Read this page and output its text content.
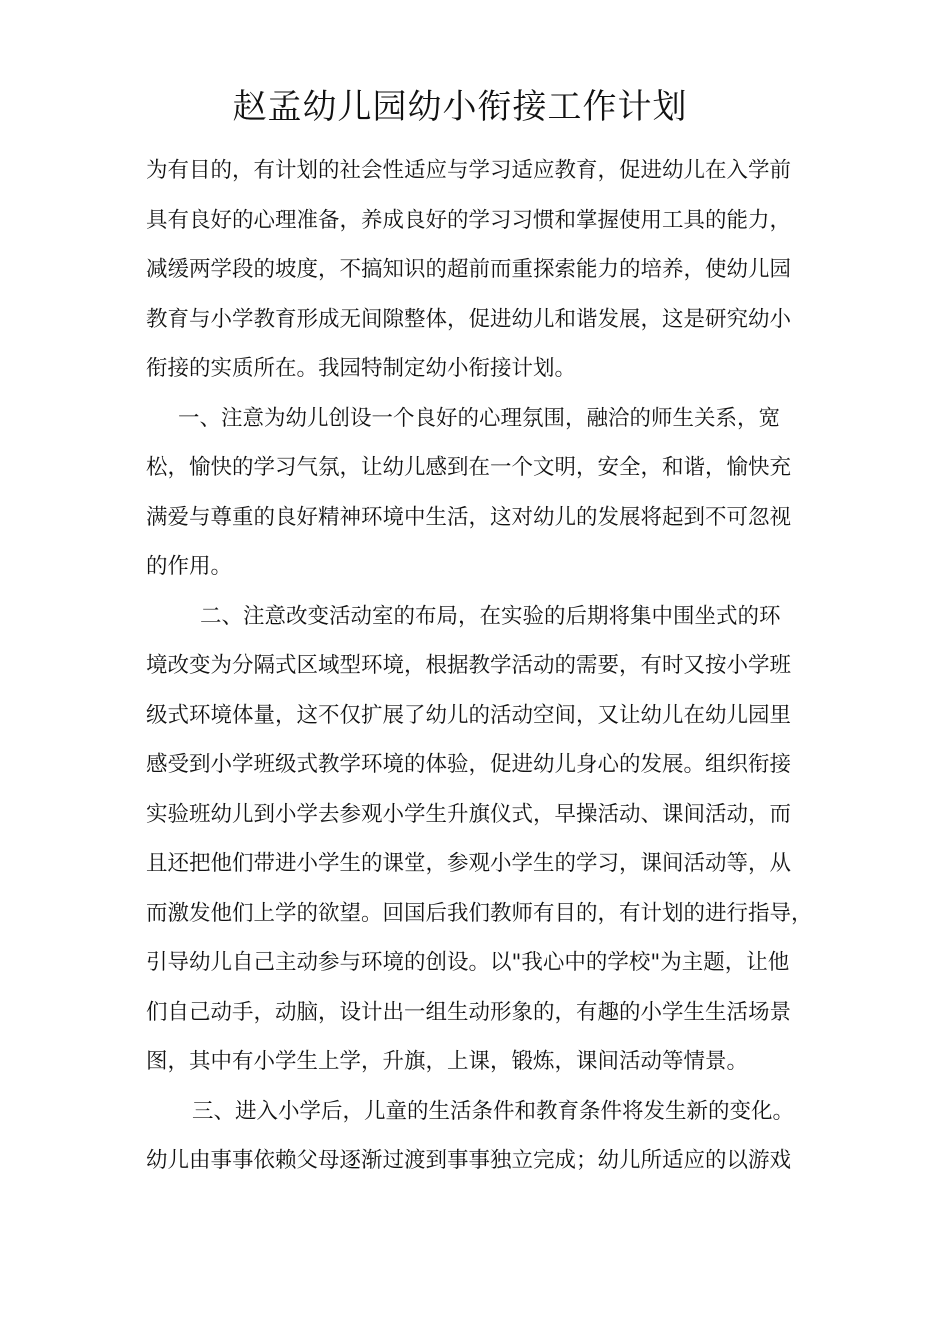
赵孟幼儿园幼小衔接工作计划
为有目的，有计划的社会性适应与学习适应教育，促进幼儿在入学前
具有良好的心理准备，养成良好的学习习惯和掌握使用工具的能力，
减缓两学段的坡度，不搞知识的超前而重探索能力的培养，使幼儿园
教育与小学教育形成无间隙整体，促进幼儿和谐发展，这是研究幼小
衔接的实质所在。我园特制定幼小衔接计划。
一、注意为幼儿创设一个良好的心理氛围，融洽的师生关系，宽
松，愉快的学习气氛，让幼儿感到在一个文明，安全，和谐，愉快充
满爱与尊重的良好精神环境中生活，这对幼儿的发展将起到不可忽视
的作用。
二、注意改变活动室的布局，在实验的后期将集中围坐式的环
境改变为分隔式区域型环境，根据教学活动的需要，有时又按小学班
级式环境体量，这不仅扩展了幼儿的活动空间，又让幼儿在幼儿园里
感受到小学班级式教学环境的体验，促进幼儿身心的发展。组织衔接
实验班幼儿到小学去参观小学生升旗仪式，早操活动、课间活动，而
且还把他们带进小学生的课堂，参观小学生的学习，课间活动等，从
而激发他们上学的欲望。回国后我们教师有目的，有计划的进行指导，
引导幼儿自己主动参与环境的创设。以"我心中的学校"为主题，让他
们自己动手，动脑，设计出一组生动形象的，有趣的小学生生活场景
图，其中有小学生上学，升旗，上课，锻炼，课间活动等情景。
三、进入小学后，儿童的生活条件和教育条件将发生新的变化。
幼儿由事事依赖父母逐渐过渡到事事独立完成；幼儿所适应的以游戏
